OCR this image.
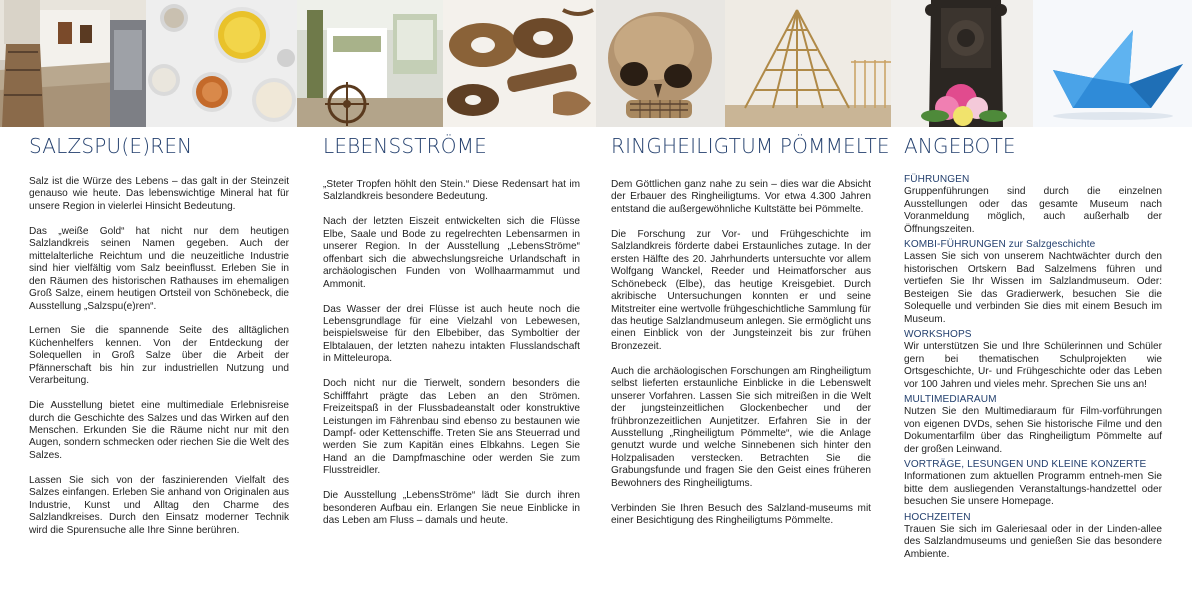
SALZSPU(E)REN

Salz ist die Würze des Lebens – das galt in der Steinzeit genauso wie heute. Das lebenswichtige Mineral hat für unsere Region in vielerlei Hinsicht Bedeutung.

Das „weiße Gold“ hat nicht nur dem heutigen Salzlandkreis seinen Namen gegeben. Auch der mittelalterliche Reichtum und die neuzeitliche Industrie sind hier vielfältig vom Salz beeinflusst. Erleben Sie in den Räumen des historischen Rathauses im ehemaligen Groß Salze, einem heutigen Ortsteil von Schönebeck, die Ausstellung „Salzspu(e)ren“.

Lernen Sie die spannende Seite des alltäglichen Küchenhelfers kennen. Von der Entdeckung der Solequellen in Groß Salze über die Arbeit der Pfännerschaft bis hin zur industriellen Nutzung und Verarbeitung.

Die Ausstellung bietet eine multimediale Erlebnisreise durch die Geschichte des Salzes und das Wirken auf den Menschen. Erkunden Sie die Räume nicht nur mit den Augen, sondern schmecken oder riechen Sie die Welt des Salzes.

Lassen Sie sich von der faszinierenden Vielfalt des Salzes einfangen. Erleben Sie anhand von Originalen aus Industrie, Kunst und Alltag den Charme des Salzlandkreises. Durch den Einsatz moderner Technik wird die Spurensuche alle Ihre Sinne berühren.

LEBENSSTRÖME

„Steter Tropfen höhlt den Stein.“ Diese Redensart hat im Salzlandkreis besondere Bedeutung.

Nach der letzten Eiszeit entwickelten sich die Flüsse Elbe, Saale und Bode zu regelrechten Lebensarmen in unserer Region. In der Ausstellung „LebensStröme“ offenbart sich die abwechslungsreiche Urlandschaft in archäologischen Funden von Wollhaarmammut und Ammonit.

Das Wasser der drei Flüsse ist auch heute noch die Lebensgrundlage für eine Vielzahl von Lebewesen, beispielsweise für den Elbebiber, das Symboltier der Elbtalauen, der letzten nahezu intakten Flusslandschaft in Mitteleuropa.

Doch nicht nur die Tierwelt, sondern besonders die Schifffahrt prägte das Leben an den Strömen. Freizeitspaß in der Flussbadeanstalt oder konstruktive Leistungen im Fährenbau sind ebenso zu bestaunen wie Dampf- oder Kettenschiffe. Treten Sie ans Steuerrad und werden Sie zum Kapitän eines Elbkahns. Legen Sie Hand an die Dampfmaschine oder werden Sie zum Flusstreidler.

Die Ausstellung „LebensStröme“ lädt Sie durch ihren besonderen Aufbau ein. Erlangen Sie neue Einblicke in das Leben am Fluss – damals und heute.

RINGHEILIGTUM PÖMMELTE

Dem Göttlichen ganz nahe zu sein – dies war die Absicht der Erbauer des Ringheiligtums. Vor etwa 4.300 Jahren entstand die außergewöhnliche Kultstätte bei Pömmelte.

Die Forschung zur Vor- und Frühgeschichte im Salzlandkreis förderte dabei Erstaunliches zutage. In der ersten Hälfte des 20. Jahrhunderts untersuchte vor allem Wolfgang Wanckel, Reeder und Heimatforscher aus Schönebeck (Elbe), das heutige Kreisgebiet. Durch akribische Untersuchungen konnten er und seine Mitstreiter eine wertvolle frühgeschichtliche Sammlung für das heutige Salzlandmuseum anlegen. Sie ermöglicht uns einen Einblick von der Jungsteinzeit bis zur frühen Bronzezeit.

Auch die archäologischen Forschungen am Ringheiligtum selbst lieferten erstaunliche Einblicke in die Lebenswelt unserer Vorfahren. Lassen Sie sich mitreißen in die Welt der jungsteinzeitlichen Glockenbecher und der frühbronzezeitlichen Aunjetitzer. Erfahren Sie in der Ausstellung „Ringheiligtum Pömmelte“, wie die Anlage genutzt wurde und welche Sinnebenen sich hinter den Holzpalisaden verstecken. Betrachten Sie die Grabungsfunde und fragen Sie den Geist eines früheren Bewohners des Ringheiligtums.

Verbinden Sie Ihren Besuch des Salzland-museums mit einer Besichtigung des Ringheiligtums Pömmelte.

ANGEBOTE
FÜHRUNGEN
Gruppenführungen sind durch die einzelnen Ausstellungen oder das gesamte Museum nach Voranmeldung möglich, auch außerhalb der Öffnungszeiten.
KOMBI-FÜHRUNGEN zur Salzgeschichte
Lassen Sie sich von unserem Nachtwächter durch den historischen Ortskern Bad Salzelmens führen und vertiefen Sie Ihr Wissen im Salzlandmuseum. Oder: Besteigen Sie das Gradierwerk, besuchen Sie die Solequelle und verbinden Sie dies mit einem Besuch im Museum.
WORKSHOPS
Wir unterstützen Sie und Ihre Schülerinnen und Schüler gern bei thematischen Schulprojekten wie Ortsgeschichte, Ur- und Frühgeschichte oder das Leben vor 100 Jahren und vieles mehr. Sprechen Sie uns an!
MULTIMEDIARAUM
Nutzen Sie den Multimediaraum für Film-vorführungen von eigenen DVDs, sehen Sie historische Filme und den Dokumentarfilm über das Ringheiligtum Pömmelte auf der großen Leinwand.
VORTRÄGE, LESUNGEN UND KLEINE KONZERTE
Informationen zum aktuellen Programm entneh-men Sie bitte dem ausliegenden Veranstaltungs-handzettel oder besuchen Sie unsere Homepage.
HOCHZEITEN
Trauen Sie sich im Galeriesaal oder in der Linden-allee des Salzlandmuseums und genießen Sie das besondere Ambiente.
